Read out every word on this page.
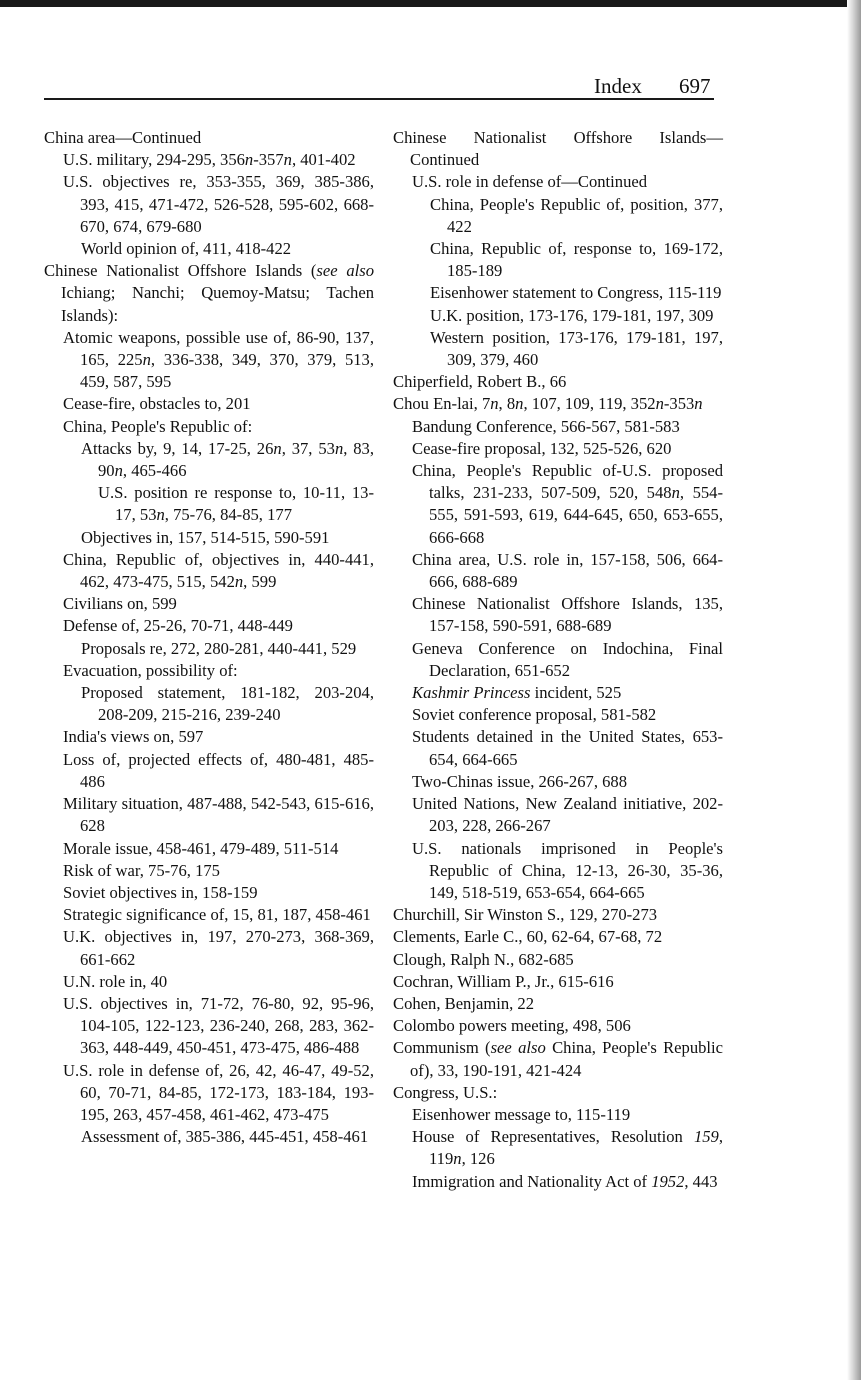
Index 697
China area—Continued
U.S. military, 294-295, 356n-357n, 401-402
U.S. objectives re, 353-355, 369, 385-386, 393, 415, 471-472, 526-528, 595-602, 668-670, 674, 679-680
World opinion of, 411, 418-422
Chinese Nationalist Offshore Islands (see also Ichiang; Nanchi; Quemoy-Matsu; Tachen Islands):
Atomic weapons, possible use of, 86-90, 137, 165, 225n, 336-338, 349, 370, 379, 513, 459, 587, 595
Cease-fire, obstacles to, 201
China, People's Republic of:
Attacks by, 9, 14, 17-25, 26n, 37, 53n, 83, 90n, 465-466
U.S. position re response to, 10-11, 13-17, 53n, 75-76, 84-85, 177
Objectives in, 157, 514-515, 590-591
China, Republic of, objectives in, 440-441, 462, 473-475, 515, 542n, 599
Civilians on, 599
Defense of, 25-26, 70-71, 448-449
Proposals re, 272, 280-281, 440-441, 529
Evacuation, possibility of:
Proposed statement, 181-182, 203-204, 208-209, 215-216, 239-240
India's views on, 597
Loss of, projected effects of, 480-481, 485-486
Military situation, 487-488, 542-543, 615-616, 628
Morale issue, 458-461, 479-489, 511-514
Risk of war, 75-76, 175
Soviet objectives in, 158-159
Strategic significance of, 15, 81, 187, 458-461
U.K. objectives in, 197, 270-273, 368-369, 661-662
U.N. role in, 40
U.S. objectives in, 71-72, 76-80, 92, 95-96, 104-105, 122-123, 236-240, 268, 283, 362-363, 448-449, 450-451, 473-475, 486-488
U.S. role in defense of, 26, 42, 46-47, 49-52, 60, 70-71, 84-85, 172-173, 183-184, 193-195, 263, 457-458, 461-462, 473-475
Assessment of, 385-386, 445-451, 458-461
Chinese Nationalist Offshore Islands—Continued
U.S. role in defense of—Continued
China, People's Republic of, position, 377, 422
China, Republic of, response to, 169-172, 185-189
Eisenhower statement to Congress, 115-119
U.K. position, 173-176, 179-181, 197, 309
Western position, 173-176, 179-181, 197, 309, 379, 460
Chiperfield, Robert B., 66
Chou En-lai, 7n, 8n, 107, 109, 119, 352n-353n
Bandung Conference, 566-567, 581-583
Cease-fire proposal, 132, 525-526, 620
China, People's Republic of-U.S. proposed talks, 231-233, 507-509, 520, 548n, 554-555, 591-593, 619, 644-645, 650, 653-655, 666-668
China area, U.S. role in, 157-158, 506, 664-666, 688-689
Chinese Nationalist Offshore Islands, 135, 157-158, 590-591, 688-689
Geneva Conference on Indochina, Final Declaration, 651-652
Kashmir Princess incident, 525
Soviet conference proposal, 581-582
Students detained in the United States, 653-654, 664-665
Two-Chinas issue, 266-267, 688
United Nations, New Zealand initiative, 202-203, 228, 266-267
U.S. nationals imprisoned in People's Republic of China, 12-13, 26-30, 35-36, 149, 518-519, 653-654, 664-665
Churchill, Sir Winston S., 129, 270-273
Clements, Earle C., 60, 62-64, 67-68, 72
Clough, Ralph N., 682-685
Cochran, William P., Jr., 615-616
Cohen, Benjamin, 22
Colombo powers meeting, 498, 506
Communism (see also China, People's Republic of), 33, 190-191, 421-424
Congress, U.S.:
Eisenhower message to, 115-119
House of Representatives, Resolution 159, 119n, 126
Immigration and Nationality Act of 1952, 443
